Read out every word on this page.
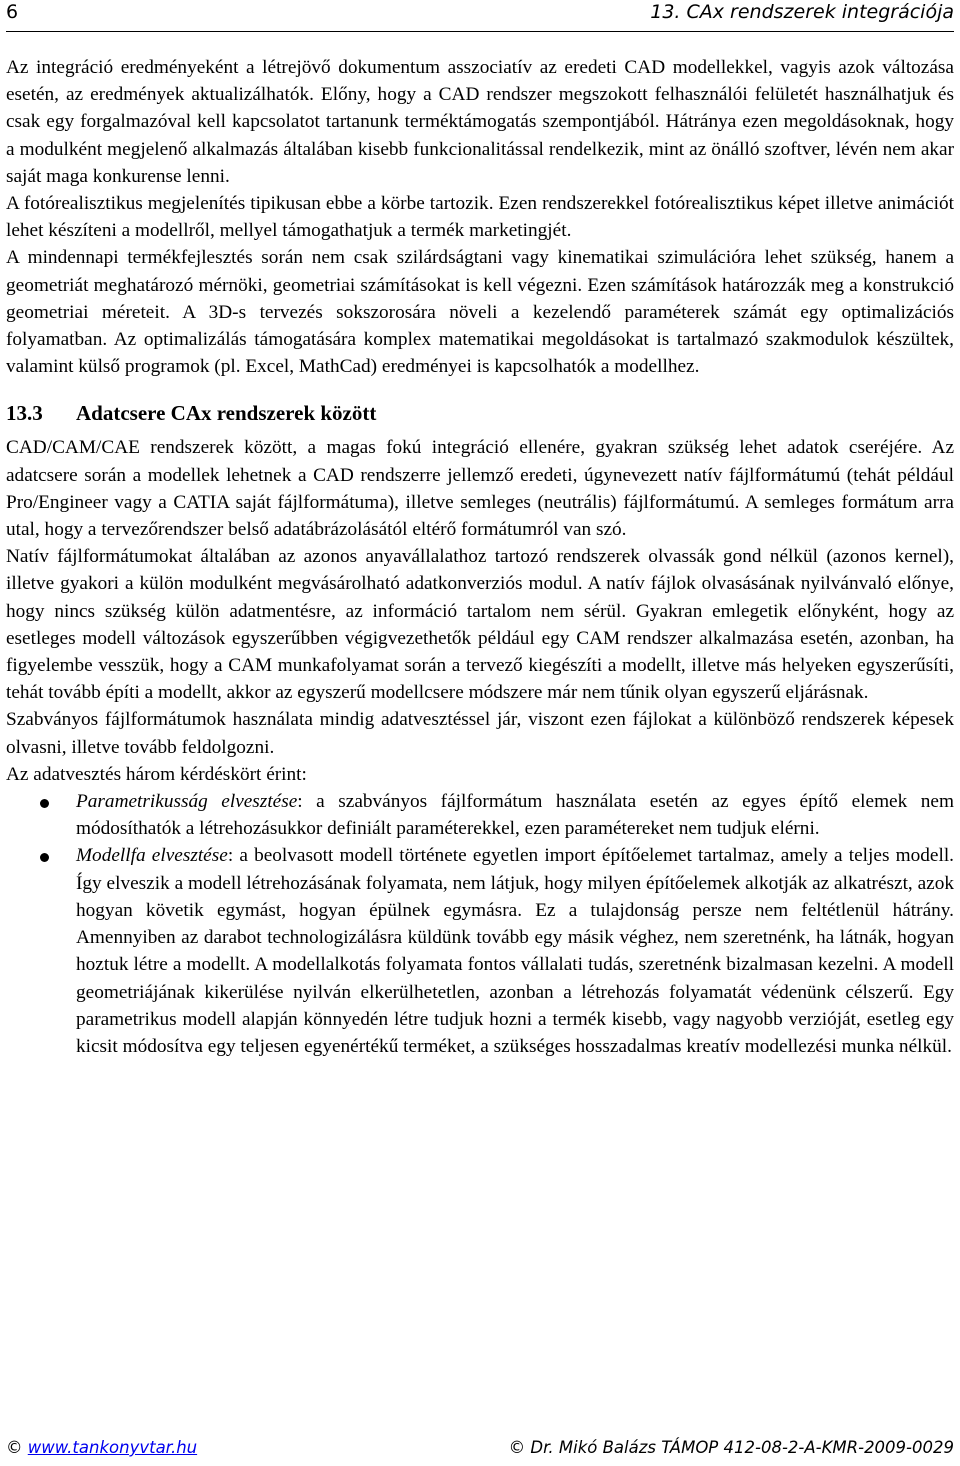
6	13. CAx rendszerek integrációja

Az integráció eredményeként a létrejövő dokumentum asszociatív az eredeti CAD modellekkel, vagyis azok változása esetén, az eredmények aktualizálhatók. Előny, hogy a CAD rendszer megszokott felhasználói felületét használhatjuk és csak egy forgalmazóval kell kapcsolatot tartanunk terméktámogatás szempontjából. Hátránya ezen megoldásoknak, hogy a modulként megjelenő alkalmazás általában kisebb funkcionalitással rendelkezik, mint az önálló szoftver, lévén nem akar saját maga konkurense lenni.

A fotórealisztikus megjelenítés tipikusan ebbe a körbe tartozik. Ezen rendszerekkel fotórealisztikus képet illetve animációt lehet készíteni a modellről, mellyel támogathatjuk a termék marketingjét.

A mindennapi termékfejlesztés során nem csak szilárdságtani vagy kinematikai szimulációra lehet szükség, hanem a geometriát meghatározó mérnöki, geometriai számításokat is kell végezni. Ezen számítások határozzák meg a konstrukció geometriai méreteit. A 3D-s tervezés sokszorosára növeli a kezelendő paraméterek számát egy optimalizációs folyamatban. Az optimalizálás támogatására komplex matematikai megoldásokat is tartalmazó szakmodulok készültek, valamint külső programok (pl. Excel, MathCad) eredményei is kapcsolhatók a modellhez.

13.3 Adatcsere CAx rendszerek között

CAD/CAM/CAE rendszerek között, a magas fokú integráció ellenére, gyakran szükség lehet adatok cseréjére. Az adatcsere során a modellek lehetnek a CAD rendszerre jellemző eredeti, úgynevezett natív fájlformátumú (tehát például Pro/Engineer vagy a CATIA saját fájlformátuma), illetve semleges (neutrális) fájlformátumú. A semleges formátum arra utal, hogy a tervezőrendszer belső adatábrázolásától eltérő formátumról van szó.

Natív fájlformátumokat általában az azonos anyavállalathoz tartozó rendszerek olvassák gond nélkül (azonos kernel), illetve gyakori a külön modulként megvásárolható adatkonverziós modul. A natív fájlok olvasásának nyilvánvaló előnye, hogy nincs szükség külön adatmentésre, az információ tartalom nem sérül. Gyakran emlegetik előnyként, hogy az esetleges modell változások egyszerűbben végigvezethetők például egy CAM rendszer alkalmazása esetén, azonban, ha figyelembe vesszük, hogy a CAM munkafolyamat során a tervező kiegészíti a modellt, illetve más helyeken egyszerűsíti, tehát tovább építi a modellt, akkor az egyszerű modellcsere módszere már nem tűnik olyan egyszerű eljárásnak.

Szabványos fájlformátumok használata mindig adatvesztéssel jár, viszont ezen fájlokat a különböző rendszerek képesek olvasni, illetve tovább feldolgozni.

Az adatvesztés három kérdéskört érint:

Parametrikusság elvesztése: a szabványos fájlformátum használata esetén az egyes építő elemek nem módosíthatók a létrehozásukkor definiált paraméterekkel, ezen paramétereket nem tudjuk elérni.
Modellfa elvesztése: a beolvasott modell története egyetlen import építőelemet tartalmaz, amely a teljes modell. Így elveszik a modell létrehozásának folyamata, nem látjuk, hogy milyen építőelemek alkotják az alkatrészt, azok hogyan követik egymást, hogyan épülnek egymásra. Ez a tulajdonság persze nem feltétlenül hátrány. Amennyiben az darabot technologizálásra küldünk tovább egy másik véghez, nem szeretnénk, ha látnák, hogyan hoztuk létre a modellt. A modellalkotás folyamata fontos vállalati tudás, szeretnénk bizalmasan kezelni. A modell geometriájának kikerülése nyilván elkerülhetetlen, azonban a létrehozás folyamatát védenünk célszerű. Egy parametrikus modell alapján könnyedén létre tudjuk hozni a termék kisebb, vagy nagyobb verzióját, esetleg egy kicsit módosítva egy teljesen egyenértékű terméket, a szükséges hosszadalmas kreatív modellezési munka nélkül.
© www.tankonyvtar.hu	© Dr. Mikó Balázs TÁMOP 412-08-2-A-KMR-2009-0029
